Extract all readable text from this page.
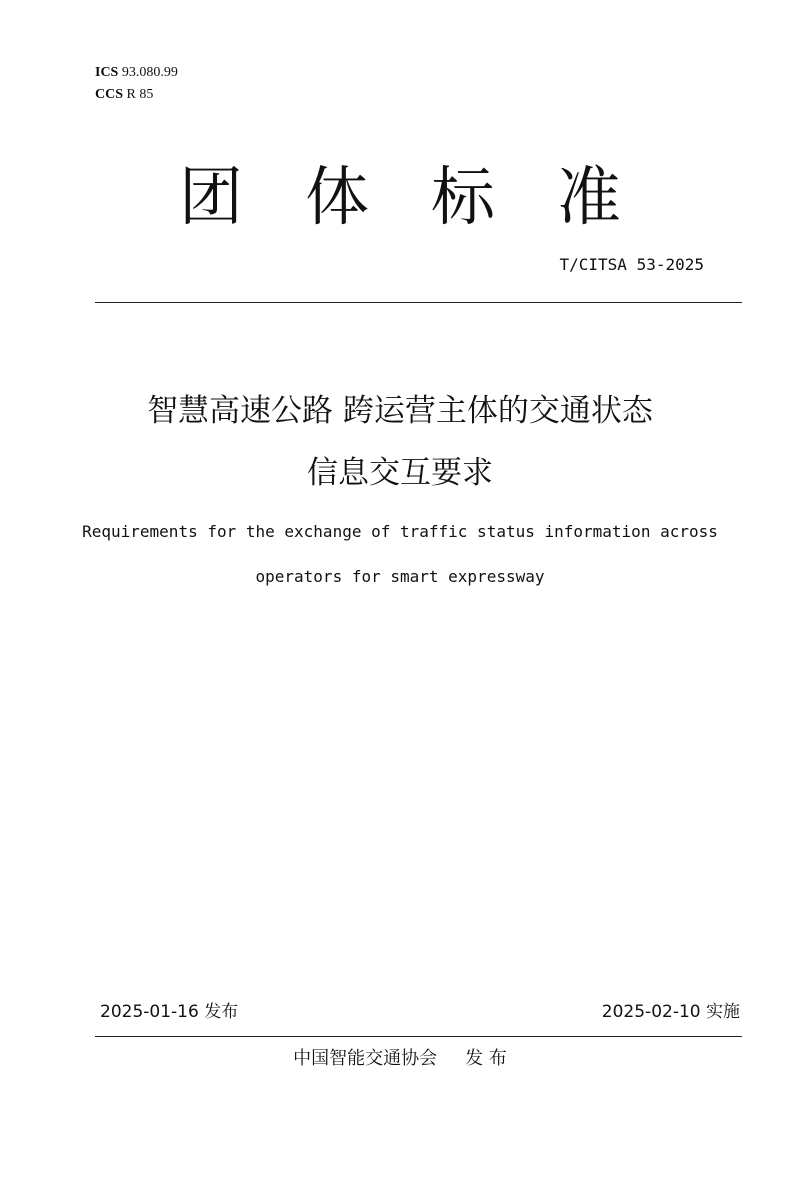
ICS 93.080.99
CCS R 85
团 体 标 准
T/CITSA 53-2025
智慧高速公路 跨运营主体的交通状态
信息交互要求
Requirements for the exchange of traffic status information across
operators for smart expressway
2025-01-16 发布	2025-02-10 实施
中国智能交通协会 发 布
